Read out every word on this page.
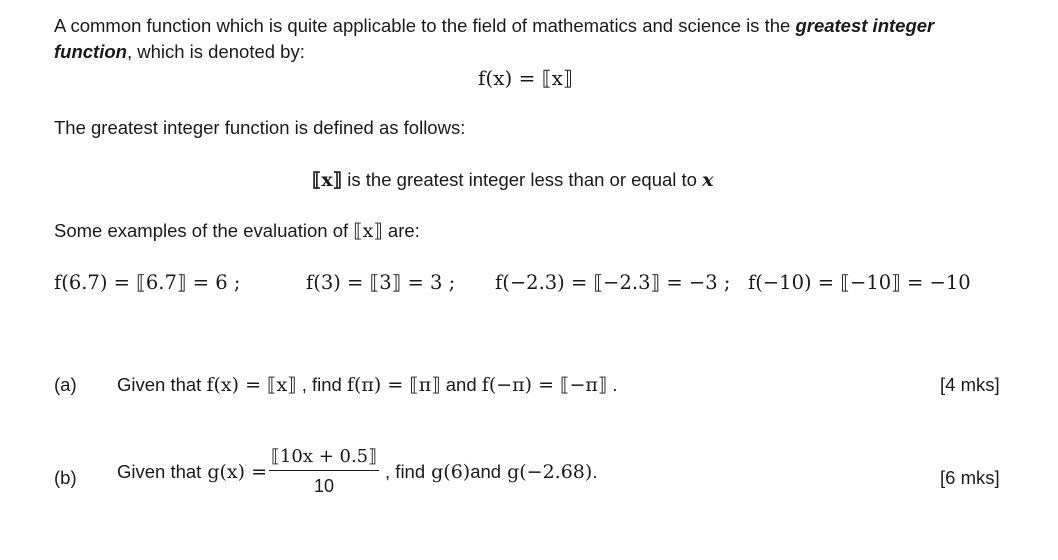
A common function which is quite applicable to the field of mathematics and science is the greatest integer
function, which is denoted by:
f(x) = ⟦x⟧
The greatest integer function is defined as follows:
⟦x⟧ is the greatest integer less than or equal to x
Some examples of the evaluation of ⟦x⟧ are:
f(6.7) = ⟦6.7⟧ = 6 ;	f(3) = ⟦3⟧ = 3 ; f(−2.3) = ⟦−2.3⟧ = −3 ; f(−10) = ⟦−10⟧ = −10
(a) Given that f(x) = ⟦x⟧ , find f(π) = ⟦π⟧ and f(−π) = ⟦−π⟧ .	[4 mks]
(b) Given that $g(x) = \frac{⟦10x + 0.5⟧}{10}$ , find g(6) and g(−2.68) .	[6 mks]
